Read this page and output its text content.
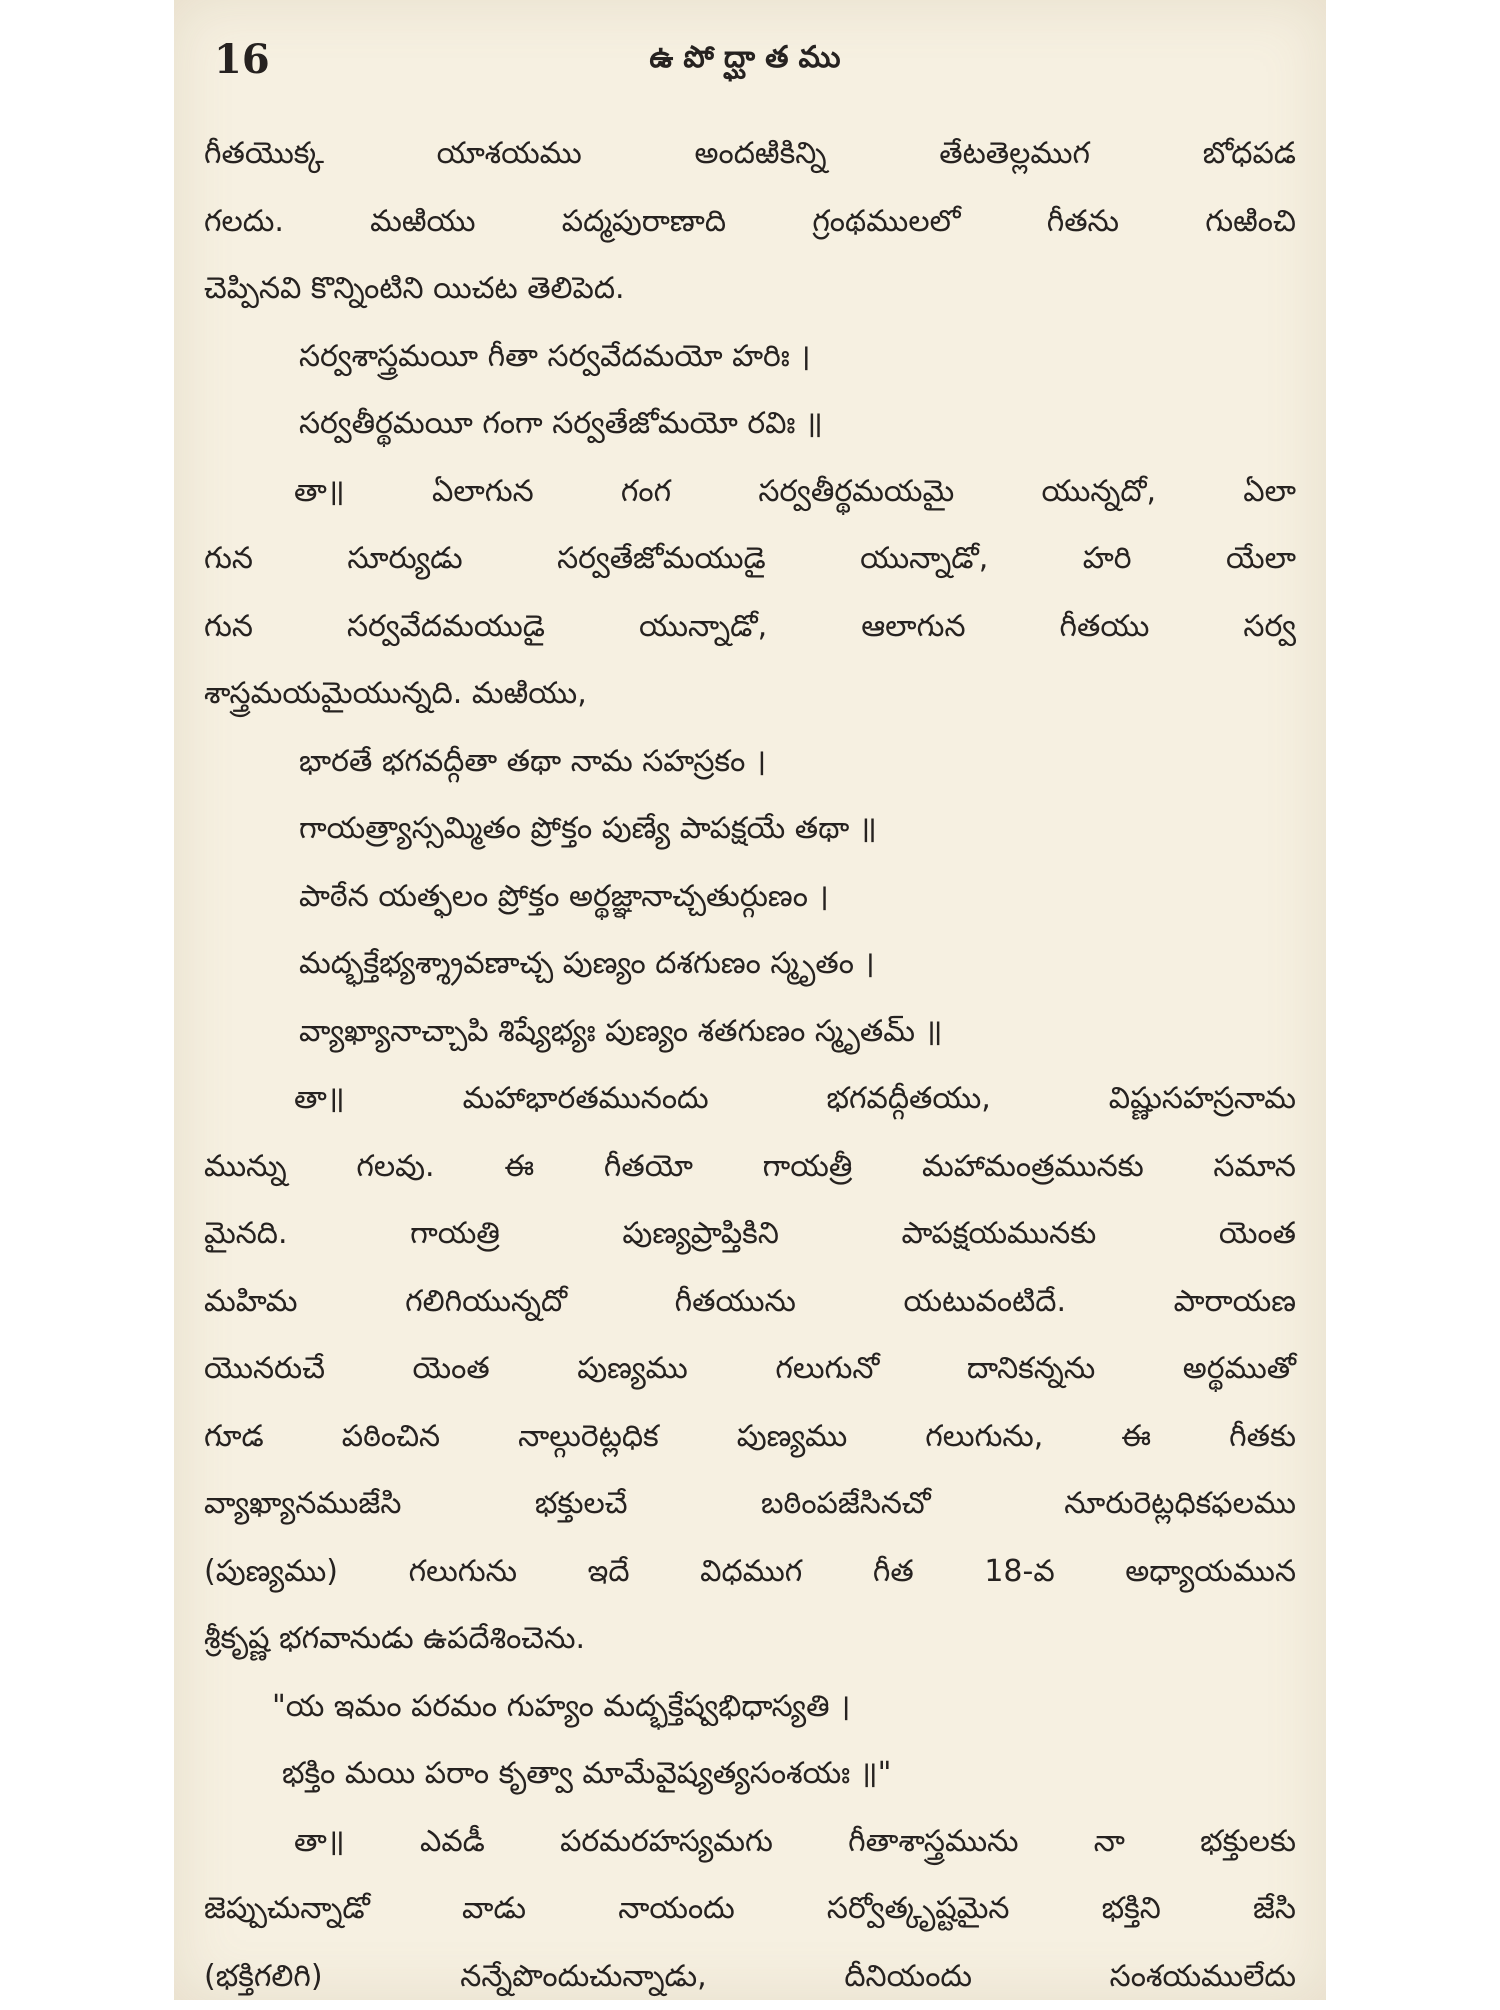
16	ఉపోద్ఘాతము
గీతయొక్క యాశయము అందఱికిన్ని తేటతెల్లముగ బోధపడ
గలదు. మఱియు పద్మపురాణాది గ్రంథములలో గీతను గుఱించి
చెప్పినవి కొన్నింటిని యిచట తెలిపెద.
సర్వశాస్త్రమయీ గీతా సర్వవేదమయో హరిః ।
సర్వతీర్థమయీ గంగా సర్వతేజోమయో రవిః ॥
తా॥ ఏలాగున గంగ సర్వతీర్థమయమై యున్నదో, ఏలా
గున సూర్యుడు సర్వతేజోమయుడై యున్నాడో, హరి యేలా
గున సర్వవేదమయుడై యున్నాడో, ఆలాగున గీతయు సర్వ
శాస్త్రమయమైయున్నది. మఱియు,
భారతే భగవద్గీతా తథా నామ సహస్రకం ।
గాయత్ర్యాస్సమ్మితం ప్రోక్తం పుణ్యే పాపక్షయే తథా ॥
పాఠేన యత్ఫలం ప్రోక్తం అర్థజ్ఞానాచ్చతుర్గుణం ।
మద్భక్తేభ్యశ్శ్రావణాచ్చ పుణ్యం దశగుణం స్మృతం ।
వ్యాఖ్యానాచ్చాపి శిష్యేభ్యః పుణ్యం శతగుణం స్మృతమ్ ॥
తా॥ మహాభారతమునందు భగవద్గీతయు, విష్ణుసహస్రనామ
మున్ను గలవు. ఈ గీతయో గాయత్రీ మహామంత్రమునకు సమాన
మైనది. గాయత్రి పుణ్యప్రాప్తికిని పాపక్షయమునకు యెంత
మహిమ గలిగియున్నదో గీతయును యటువంటిదే. పారాయణ
యొనరుచే యెంత పుణ్యము గలుగునో దానికన్నను అర్థముతో
గూడ పఠించిన నాల్గురెట్లధిక పుణ్యము గలుగును, ఈ గీతకు
వ్యాఖ్యానముజేసి భక్తులచే బఠింపజేసినచో నూరురెట్లధికఫలము
(పుణ్యము) గలుగును ఇదే విధముగ గీత 18-వ అధ్యాయమున
శ్రీకృష్ణ భగవానుడు ఉపదేశించెను.
"య ఇమం పరమం గుహ్యం మద్భక్తేష్వభిధాస్యతి ।
భక్తిం మయి పరాం కృత్వా మామేవైష్యత్యసంశయః ॥"
తా॥ ఎవడీ పరమరహస్యమగు గీతాశాస్త్రమును నా భక్తులకు
జెప్పుచున్నాడో వాడు నాయందు సర్వోత్కృష్టమైన భక్తిని జేసి
(భక్తిగలిగి) నన్నేపొందుచున్నాడు, దీనియందు సంశయములేదు
